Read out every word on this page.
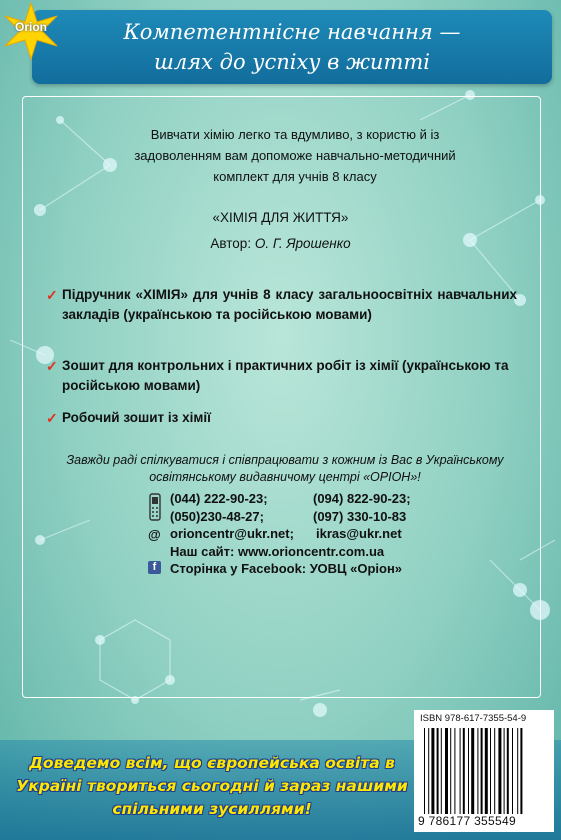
Компетентнісне навчання —
шлях до успіху в житті
Orion
Вивчати хімію легко та вдумливо, з користю й із задоволенням вам допоможе навчально-методичний комплект для учнів 8 класу
«ХІМІЯ ДЛЯ ЖИТТЯ»
Автор: О. Г. Ярошенко
✓ Підручник «ХІМІЯ» для учнів 8 класу загальноосвітніх навчальних закладів (українською та російською мовами)
✓ Зошит для контрольних і практичних робіт із хімії (українською та російською мовами)
✓ Робочий зошит із хімії
Завжди раді спілкуватися і співпрацювати з кожним із Вас в Українському освітянському видавничому центрі «ОРІОН»!
(044) 222-90-23;	(094) 822-90-23;
(050)230-48-27;	(097) 330-10-83
@ orioncentr@ukr.net; ikras@ukr.net
Наш сайт: www.orioncentr.com.ua
f	Сторінка у Facebook: УОВЦ «Оріон»
Доведемо всім, що європейська освіта в Україні твориться сьогодні й зараз нашими спільними зусиллями!
ISBN 978-617-7355-54-9
9 786177 355549
